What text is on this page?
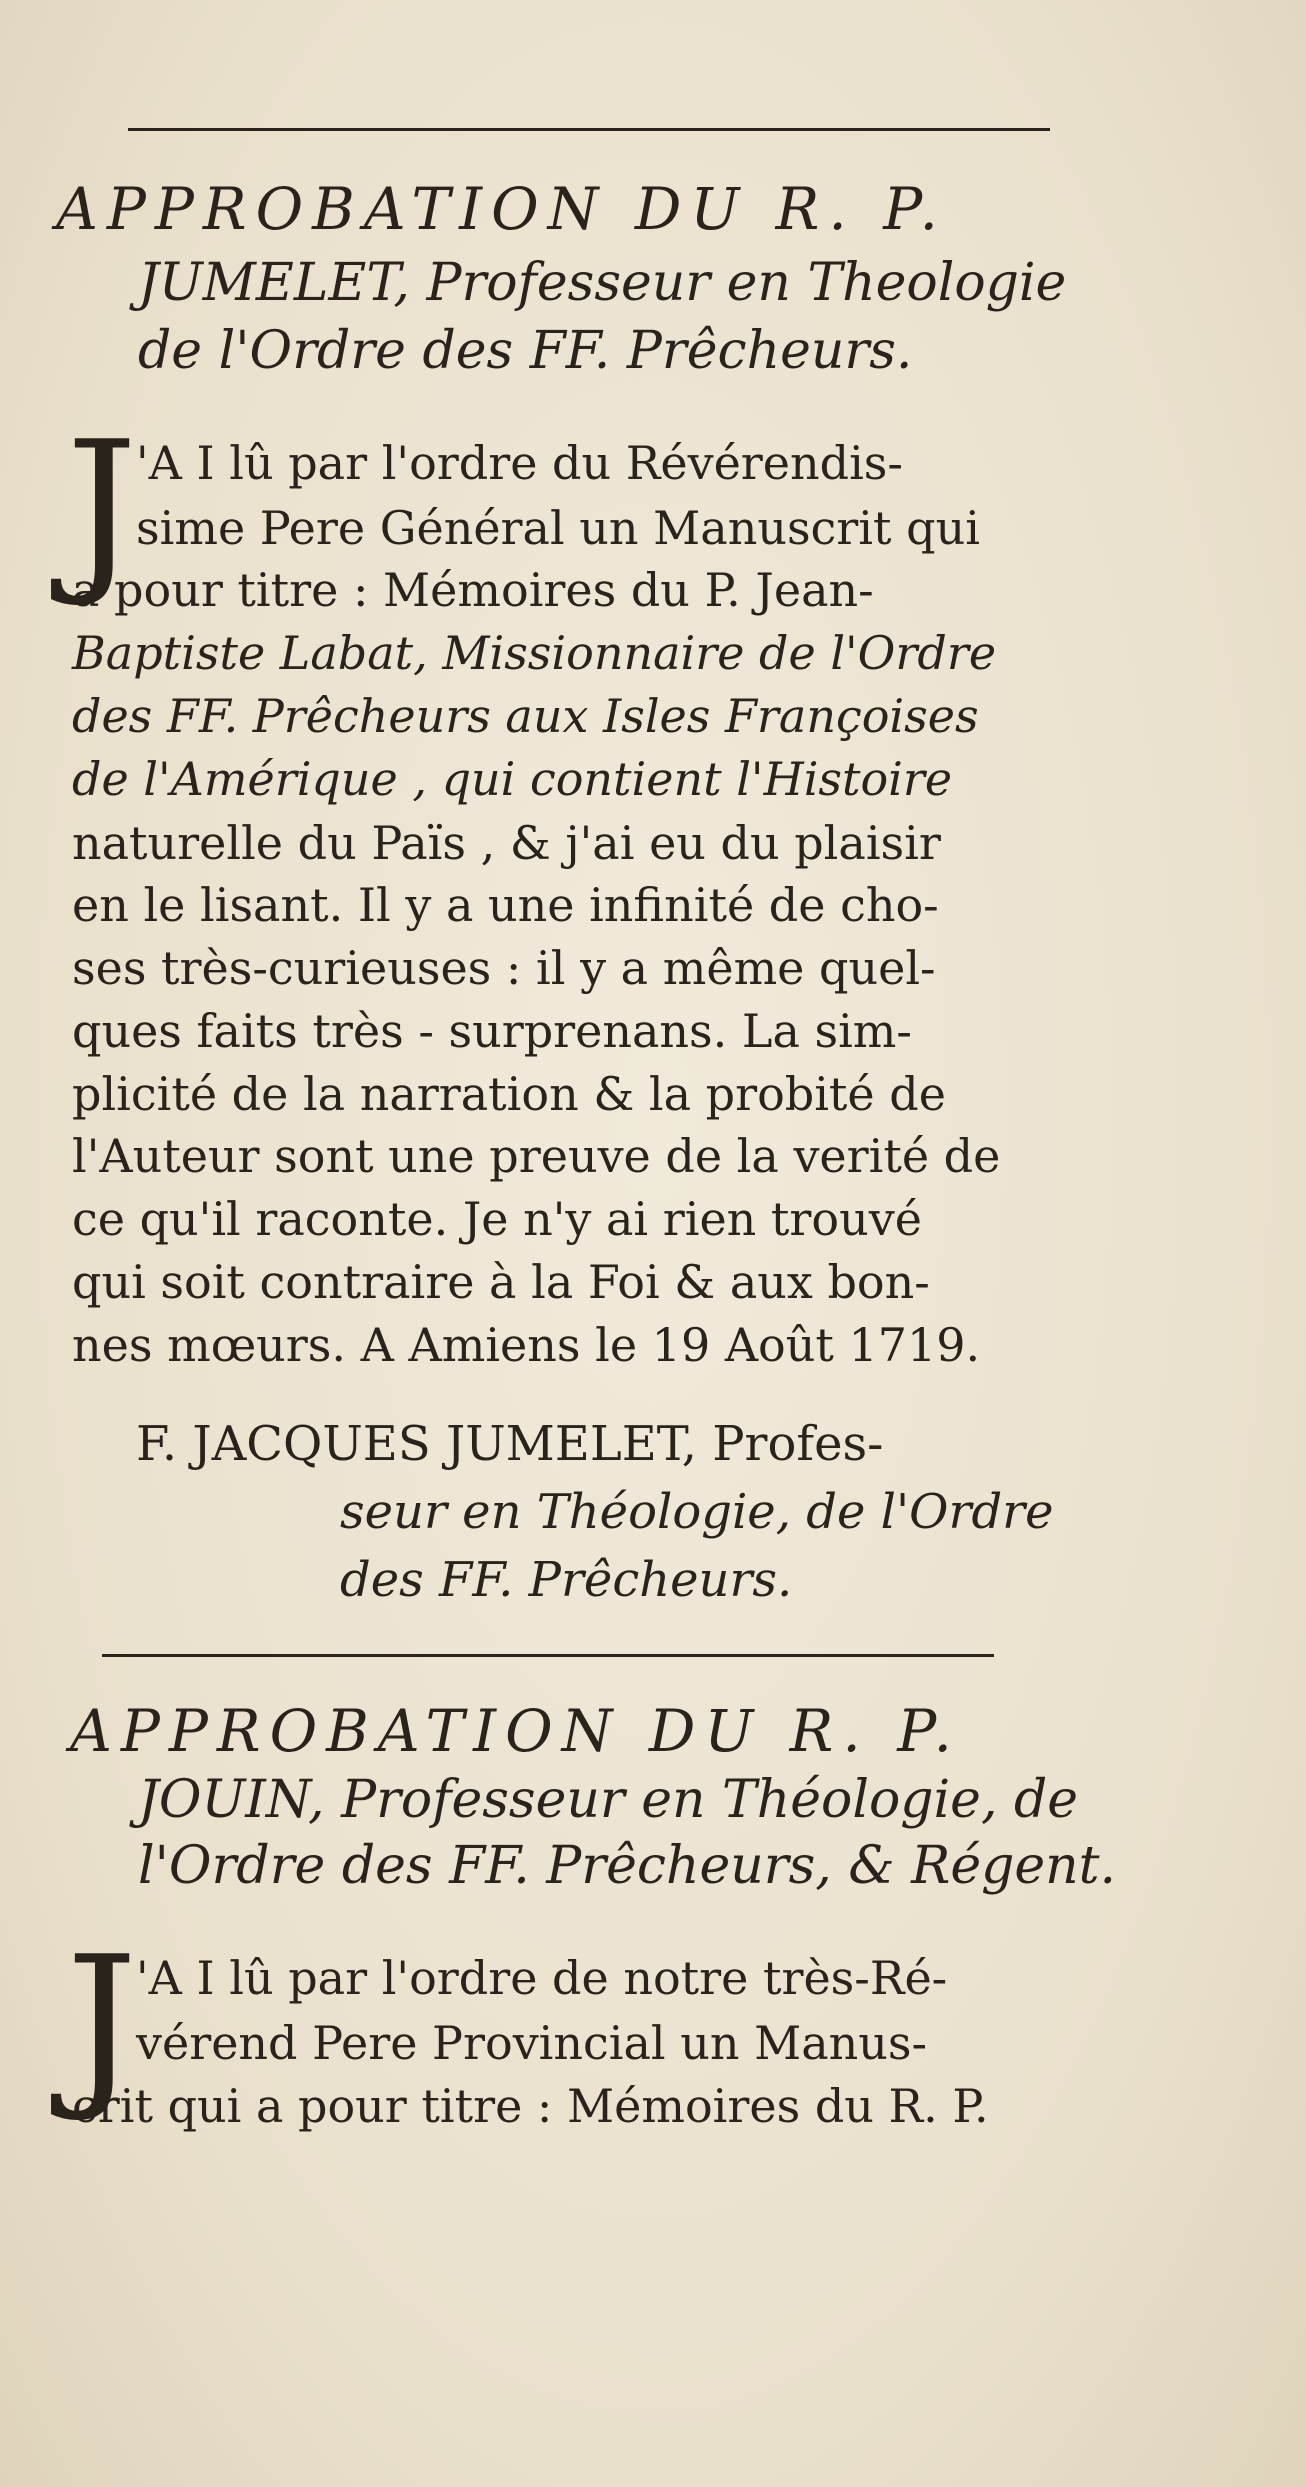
APPROBATION DU R. P.
JUMELET, Professeur en Theologie
de l'Ordre des FF. Prêcheurs.
J
'A I lû par l'ordre du Révérendis-
sime Pere Général un Manuscrit qui
a pour titre : Mémoires du P. Jean-
Baptiste Labat, Missionnaire de l'Ordre
des FF. Prêcheurs aux Isles Françoises
de l'Amérique , qui contient l'Histoire
naturelle du Païs , & j'ai eu du plaisir
en le lisant. Il y a une infinité de cho-
ses très-curieuses : il y a même quel-
ques faits très - surprenans. La sim-
plicité de la narration & la probité de
l'Auteur sont une preuve de la verité de
ce qu'il raconte. Je n'y ai rien trouvé
qui soit contraire à la Foi & aux bon-
nes mœurs. A Amiens le 19 Août 1719.
F. JACQUES JUMELET, Profes-
seur en Théologie, de l'Ordre
des FF. Prêcheurs.
APPROBATION DU R. P.
JOUIN, Professeur en Théologie, de
l'Ordre des FF. Prêcheurs, & Régent.
J
'A I lû par l'ordre de notre très-Ré-
vérend Pere Provincial un Manus-
crit qui a pour titre : Mémoires du R. P.
